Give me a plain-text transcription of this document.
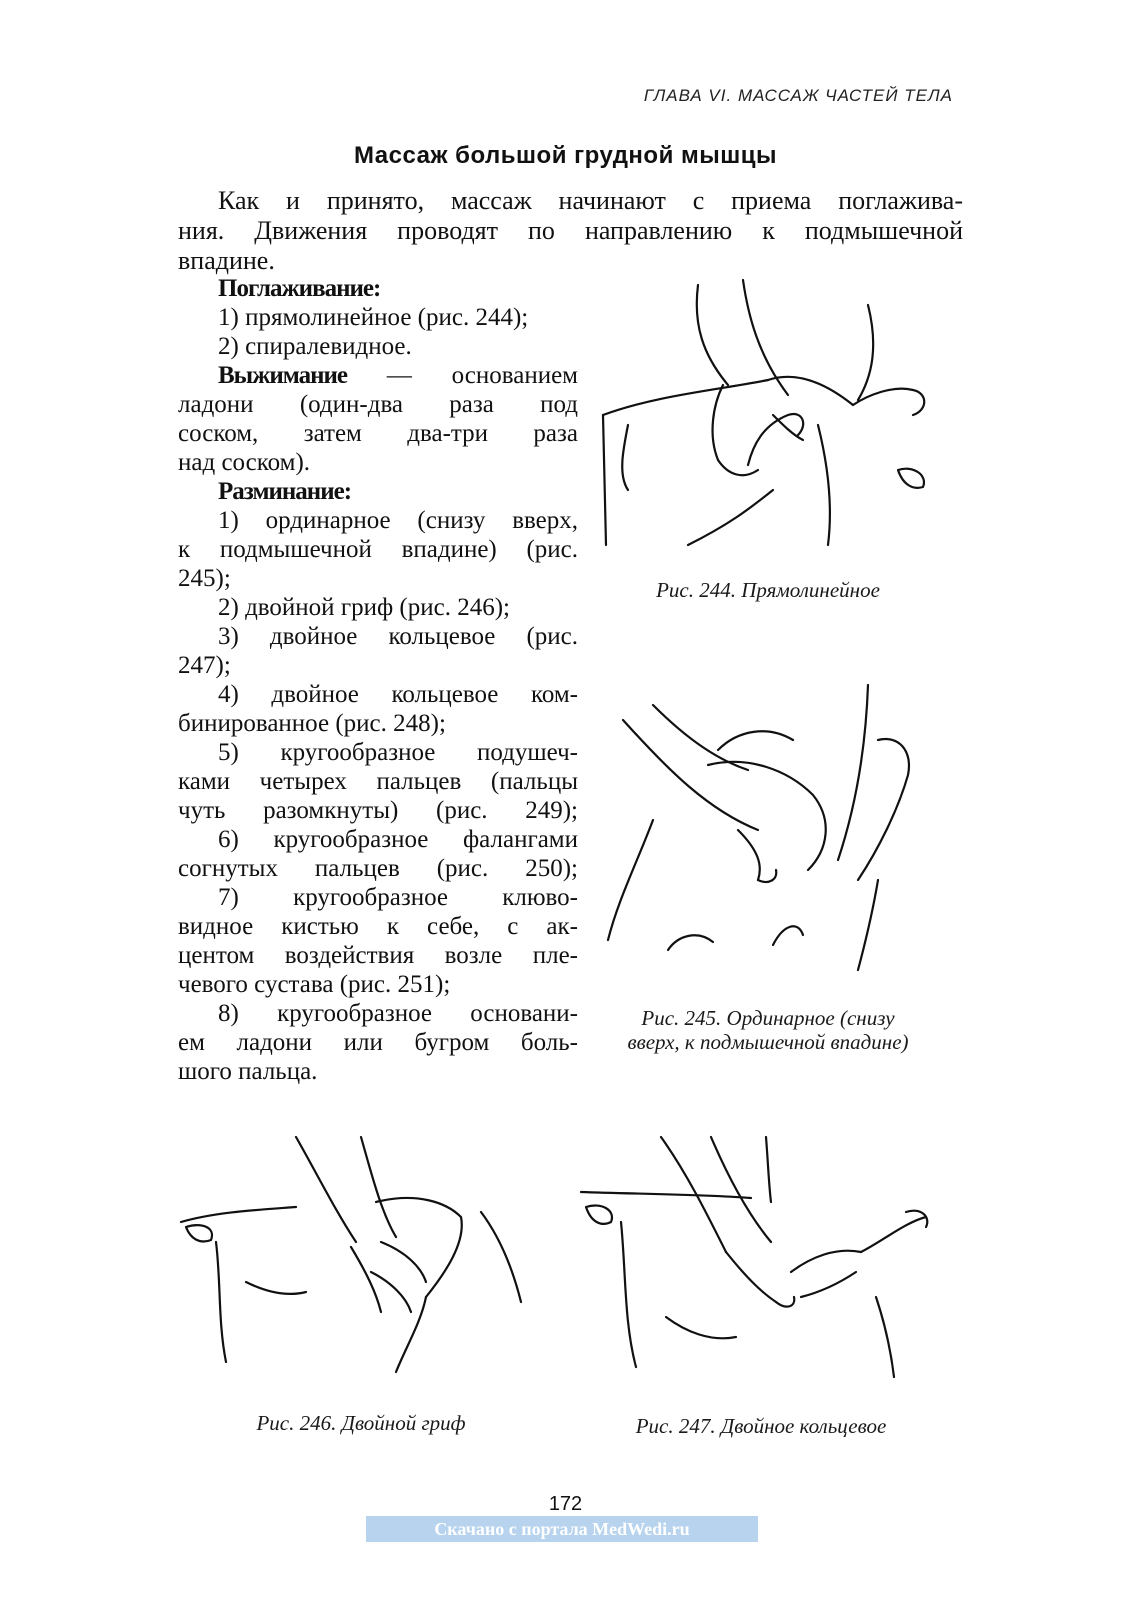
ГЛАВА VI. МАССАЖ ЧАСТЕЙ ТЕЛА
Массаж большой грудной мышцы
Как и принято, массаж начинают с приема поглажива-
ния. Движения проводят по направлению к подмышечной
впадине.
Поглаживание:
1) прямолинейное (рис. 244);
2) спиралевидное.
Выжимание — основанием
ладони (один-два раза под
соском, затем два-три раза
над соском).
Разминание:
1) ординарное (снизу вверх,
к подмышечной впадине) (рис.
245);
2) двойной гриф (рис. 246);
3) двойное кольцевое (рис.
247);
4) двойное кольцевое ком-
бинированное (рис. 248);
5) кругообразное подушеч-
ками четырех пальцев (пальцы
чуть разомкнуты) (рис. 249);
6) кругообразное фалангами
согнутых пальцев (рис. 250);
7) кругообразное клюво-
видное кистью к себе, с ак-
центом воздействия возле пле-
чевого сустава (рис. 251);
8) кругообразное основани-
ем ладони или бугром боль-
шого пальца.
Рис. 244. Прямолинейное
Рис. 245. Ординарное (снизу
вверх, к подмышечной впадине)
Рис. 246. Двойной гриф	Рис. 247. Двойное кольцевое
172
Скачано с портала MedWedi.ru
